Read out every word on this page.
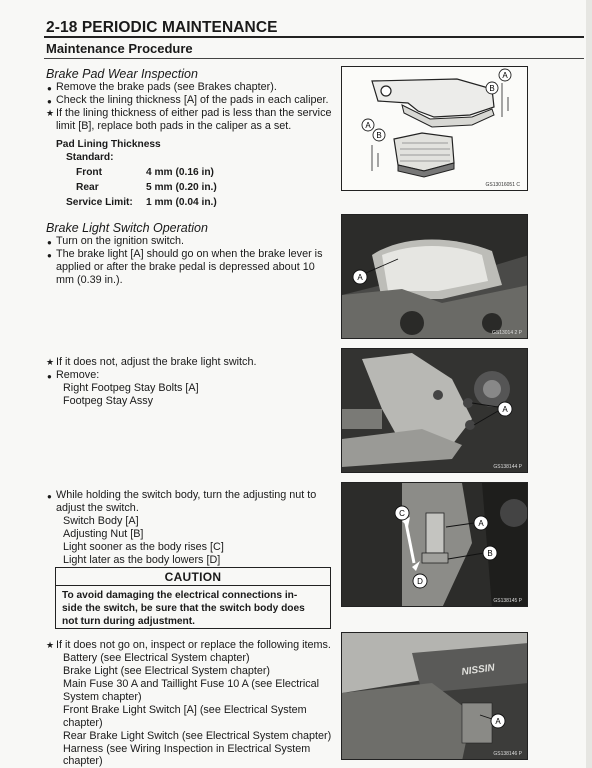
2-18 PERIODIC MAINTENANCE
Maintenance Procedure
Brake Pad Wear Inspection
● Remove the brake pads (see Brakes chapter).
● Check the lining thickness [A] of the pads in each caliper.
★ If the lining thickness of either pad is less than the service
limit [B], replace both pads in the caliper as a set.
Pad Lining Thickness
Standard:
Front	4 mm (0.16 in)
Rear	5 mm (0.20 in.)
Service Limit: 1 mm (0.04 in.)
A
B
A
B
GS13016051 C
Brake Light Switch Operation
● Turn on the ignition switch.
● The brake light [A] should go on when the brake lever is
applied or after the brake pedal is depressed about 10
mm (0.39 in.).	A
GS13014 2 P
★ If it does not, adjust the brake light switch.
● Remove:
Right Footpeg Stay Bolts [A]
Footpeg Stay Assy
A
GS138144 P
● While holding the switch body, turn the adjusting nut to
adjust the switch.
Switch Body [A]
Adjusting Nut [B]
Light sooner as the body rises [C]
Light later as the body lowers [D]
CAUTION
To avoid damaging the electrical connections in-
side the switch, be sure that the switch body does
not turn during adjustment.
A
B
C
D
GS138145 P
★ If it does not go on, inspect or replace the following items.
Battery (see Electrical System chapter)
Brake Light (see Electrical System chapter)
Main Fuse 30 A and Taillight Fuse 10 A (see Electrical
System chapter)
Front Brake Light Switch [A] (see Electrical System
chapter)
Rear Brake Light Switch (see Electrical System chapter)
Harness (see Wiring Inspection in Electrical System
chapter)
NISSIN
A
GS138146 P
